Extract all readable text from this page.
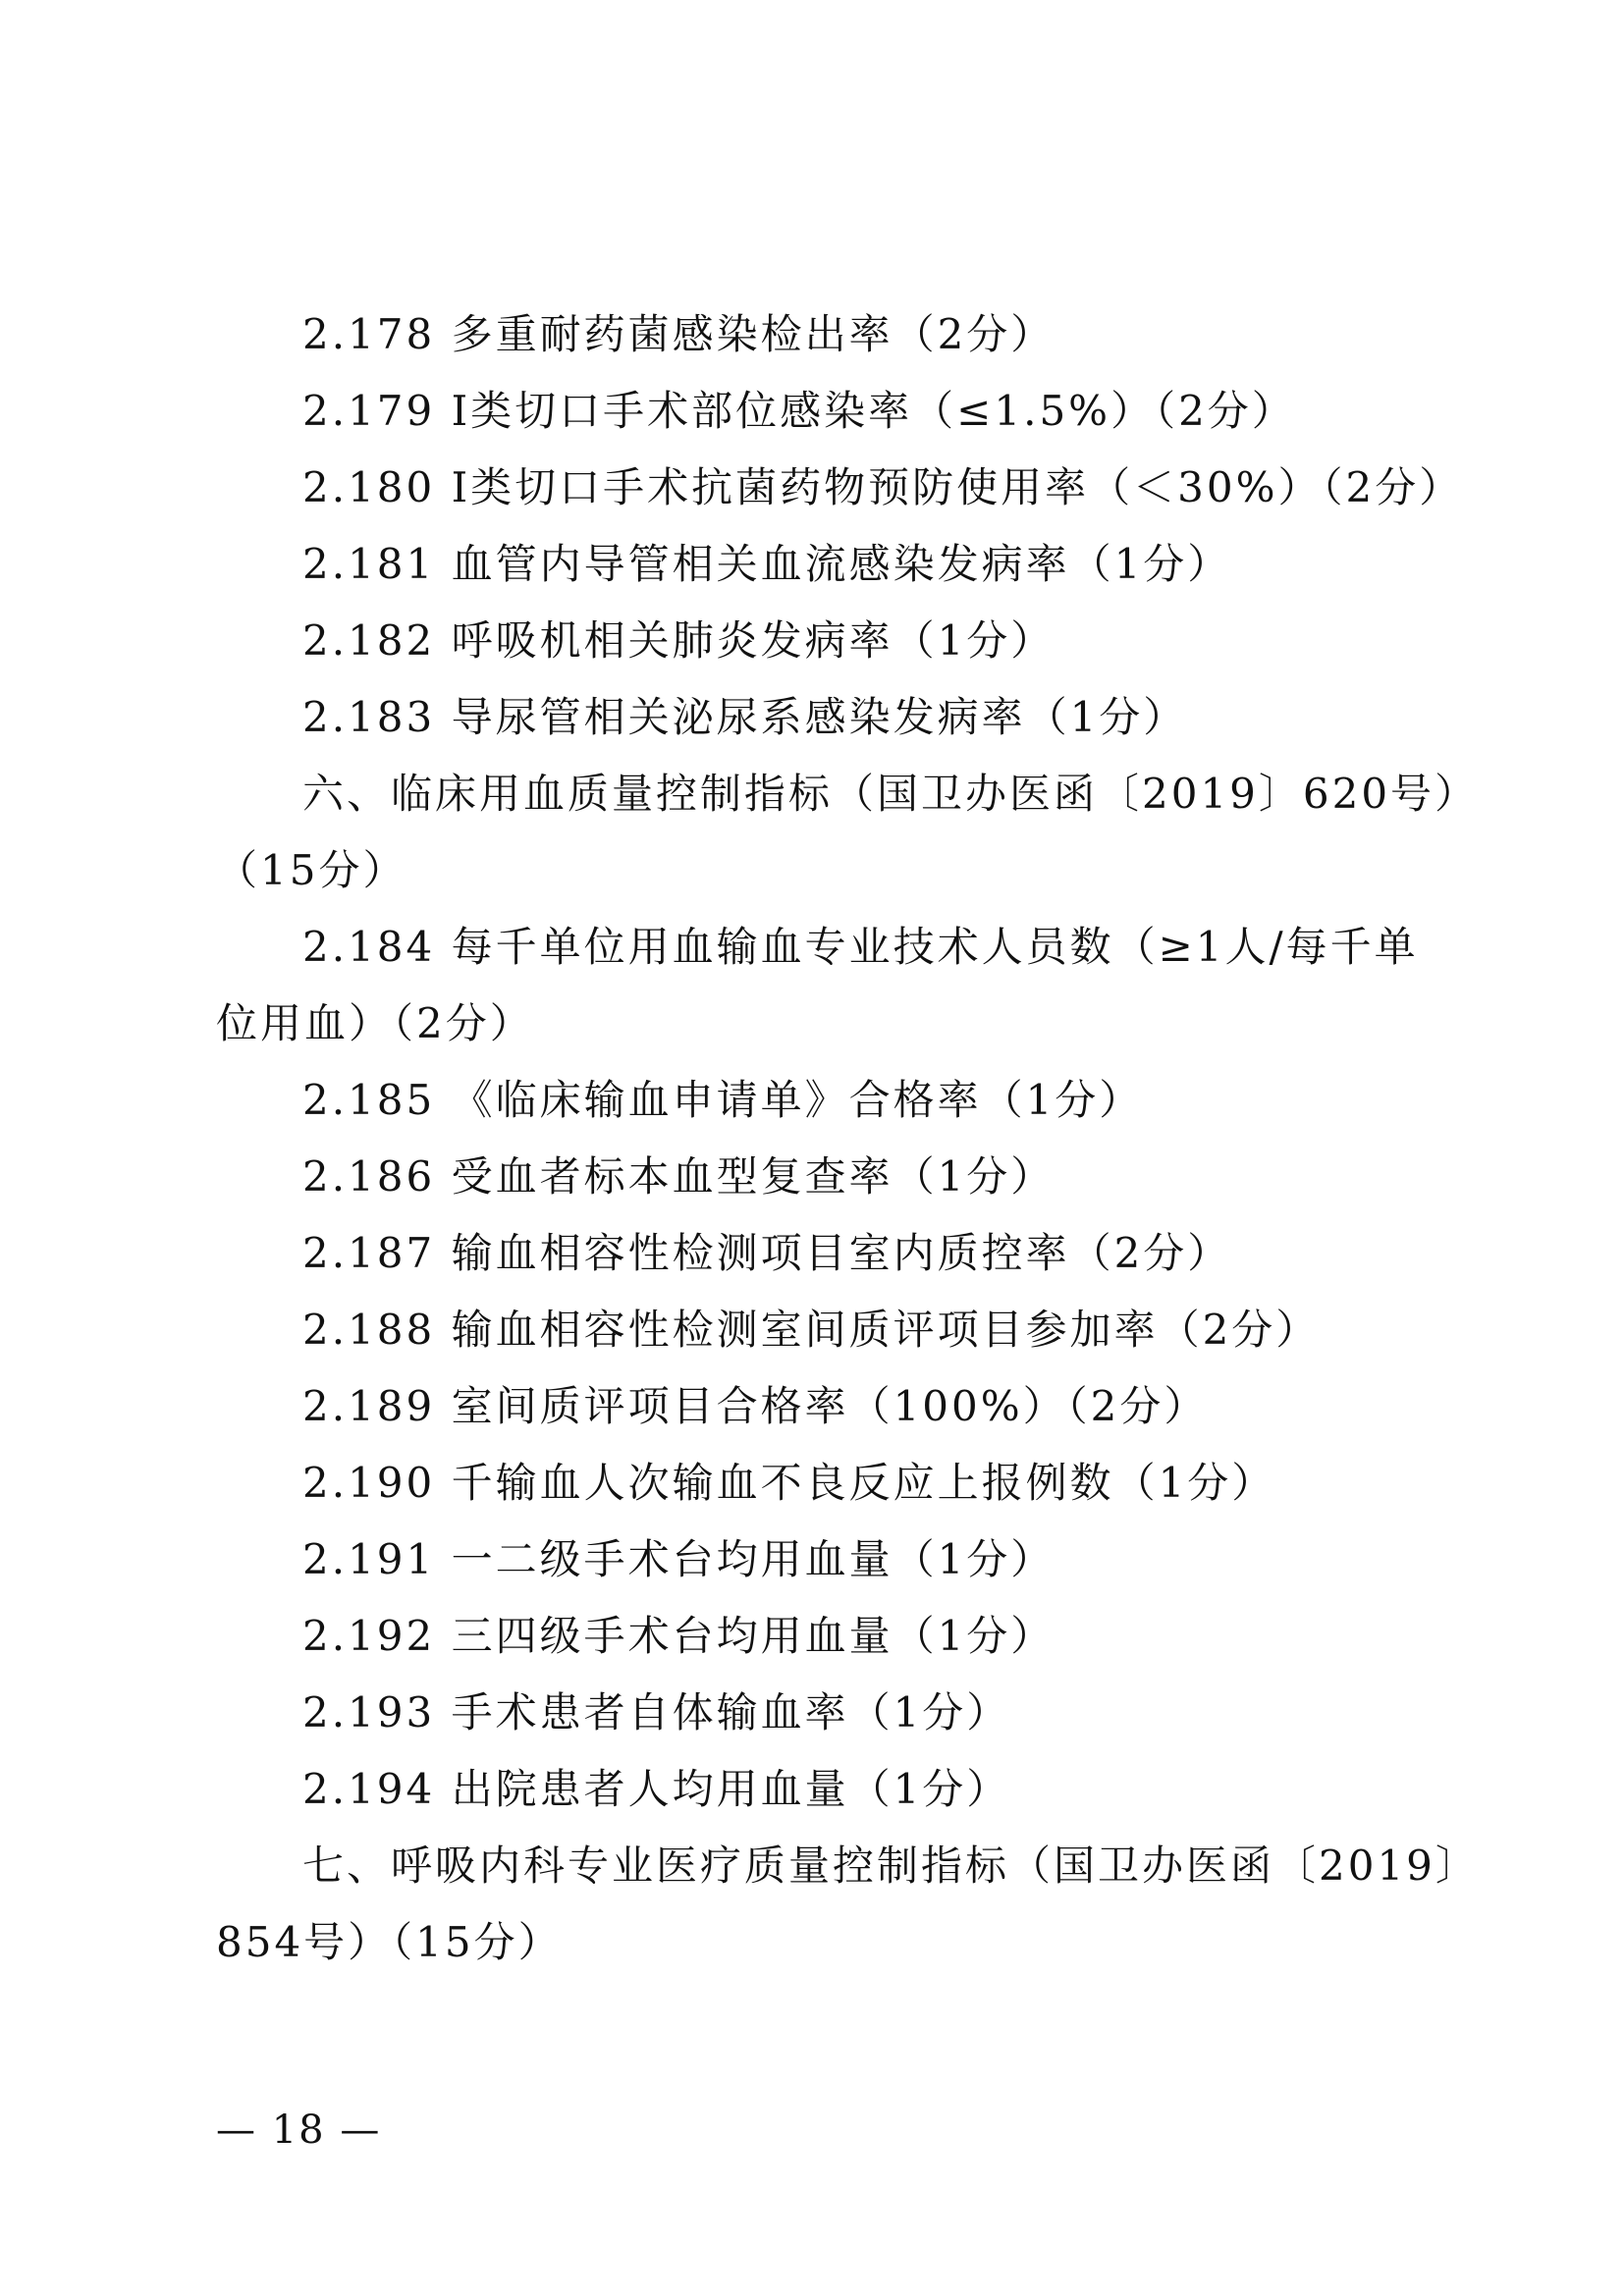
2.178 多重耐药菌感染检出率（2分）
2.179 I类切口手术部位感染率（≤1.5%）（2分）
2.180 I类切口手术抗菌药物预防使用率（＜30%）（2分）
2.181 血管内导管相关血流感染发病率（1分）
2.182 呼吸机相关肺炎发病率（1分）
2.183 导尿管相关泌尿系感染发病率（1分）
六、临床用血质量控制指标（国卫办医函〔2019〕620号）
（15分）
2.184 每千单位用血输血专业技术人员数（≥1人/每千单
位用血）（2分）
2.185 《临床输血申请单》合格率（1分）
2.186 受血者标本血型复查率（1分）
2.187 输血相容性检测项目室内质控率（2分）
2.188 输血相容性检测室间质评项目参加率（2分）
2.189 室间质评项目合格率（100%）（2分）
2.190 千输血人次输血不良反应上报例数（1分）
2.191 一二级手术台均用血量（1分）
2.192 三四级手术台均用血量（1分）
2.193 手术患者自体输血率（1分）
2.194 出院患者人均用血量（1分）
七、呼吸内科专业医疗质量控制指标（国卫办医函〔2019〕
854号）（15分）
— 18 —
